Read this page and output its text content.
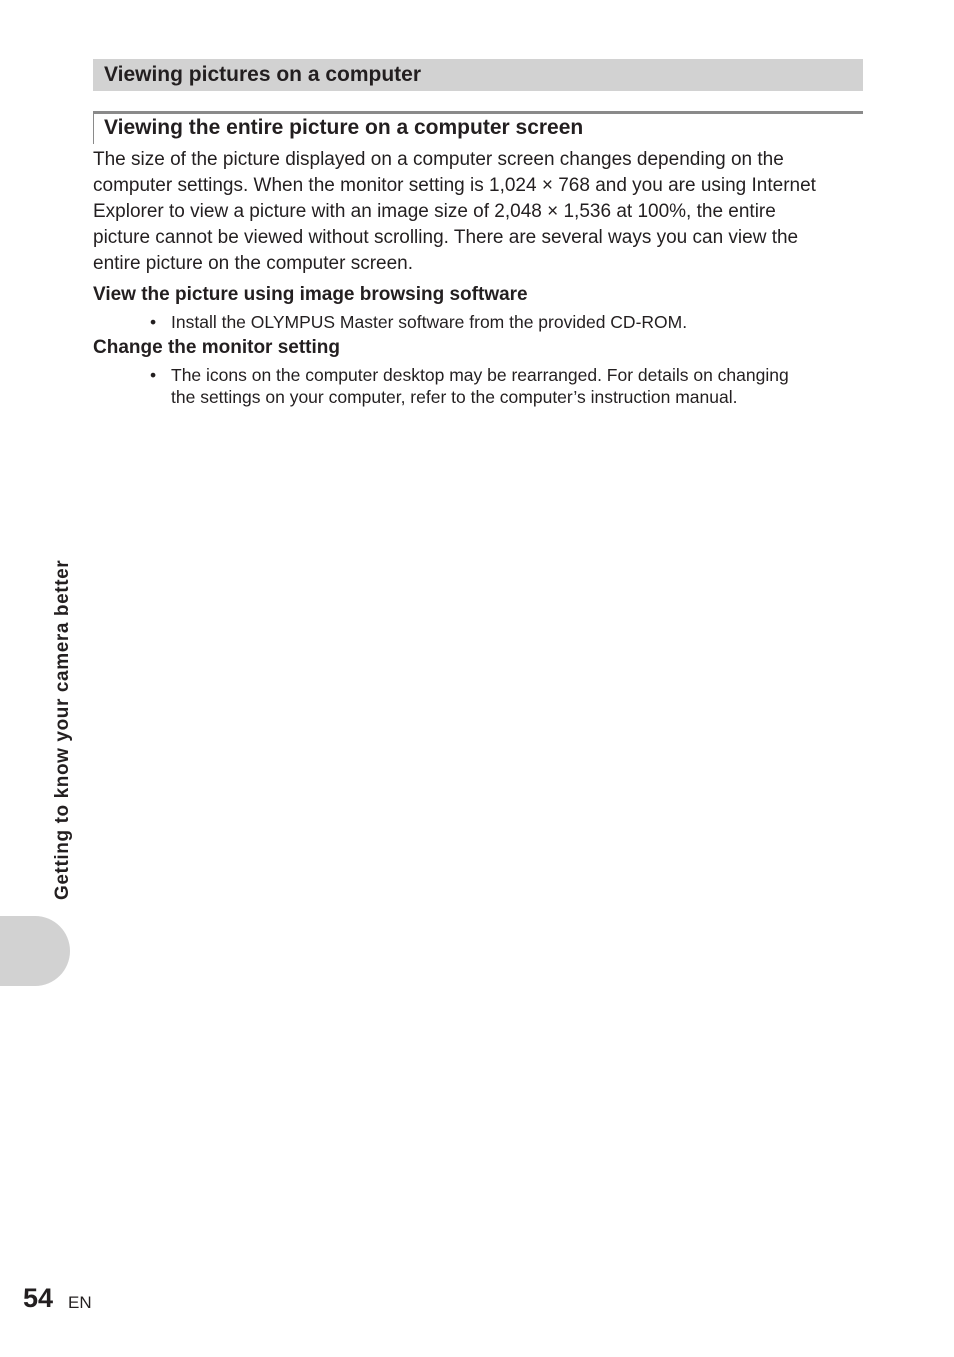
Viewing pictures on a computer
Viewing the entire picture on a computer screen

The size of the picture displayed on a computer screen changes depending on the

computer settings. When the monitor setting is 1,024 × 768 and you are using Internet

Explorer to view a picture with an image size of 2,048 × 1,536 at 100%, the entire

picture cannot be viewed without scrolling. There are several ways you can view the

entire picture on the computer screen.

View the picture using image browsing software
• Install the OLYMPUS Master software from the provided CD-ROM.
Change the monitor setting
• The icons on the computer desktop may be rearranged. For details on changing
the settings on your computer, refer to the computer’s instruction manual.
Getting to know your camera better
54 EN
